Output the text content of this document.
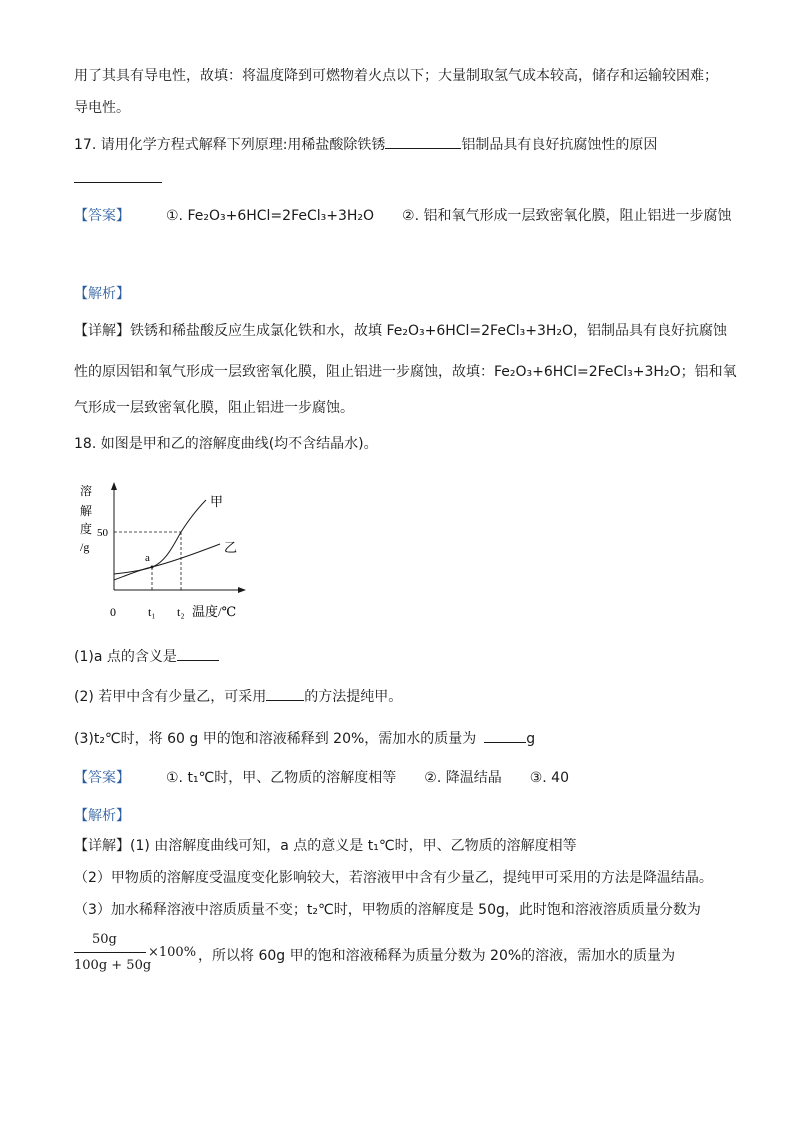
用了其具有导电性，故填：将温度降到可燃物着火点以下；大量制取氢气成本较高，储存和运输较困难；
导电性。
17. 请用化学方程式解释下列原理:用稀盐酸除铁锈	铝制品具有良好抗腐蚀性的原因
【答案】	①. Fe₂O₃+6HCl=2FeCl₃+3H₂O ②. 铝和氧气形成一层致密氧化膜，阻止铝进一步腐蚀
【解析】
【详解】铁锈和稀盐酸反应生成氯化铁和水，故填 Fe₂O₃+6HCl=2FeCl₃+3H₂O，铝制品具有良好抗腐蚀
性的原因铝和氧气形成一层致密氧化膜，阻止铝进一步腐蚀，故填：Fe₂O₃+6HCl=2FeCl₃+3H₂O；铝和氧
气形成一层致密氧化膜，阻止铝进一步腐蚀。
18. 如图是甲和乙的溶解度曲线(均不含结晶水)。
溶
解
度
/g
50
0	t₁ t₂ 温度/℃
a
甲
乙
(1)a 点的含义是
(2) 若甲中含有少量乙，可采用	的方法提纯甲。
(3)t₂℃时，将 60 g 甲的饱和溶液稀释到 20%，需加水的质量为	g
【答案】	①. t₁℃时，甲、乙物质的溶解度相等 ②. 降温结晶 ③. 40
【解析】
【详解】(1) 由溶解度曲线可知，a 点的意义是 t₁℃时，甲、乙物质的溶解度相等
（2）甲物质的溶解度受温度变化影响较大，若溶液甲中含有少量乙，提纯甲可采用的方法是降温结晶。
（3）加水稀释溶液中溶质质量不变；t₂℃时，甲物质的溶解度是 50g，此时饱和溶液溶质质量分数为
50g
100g + 50g
×100% ，所以将 60g 甲的饱和溶液稀释为质量分数为 20%的溶液，需加水的质量为
